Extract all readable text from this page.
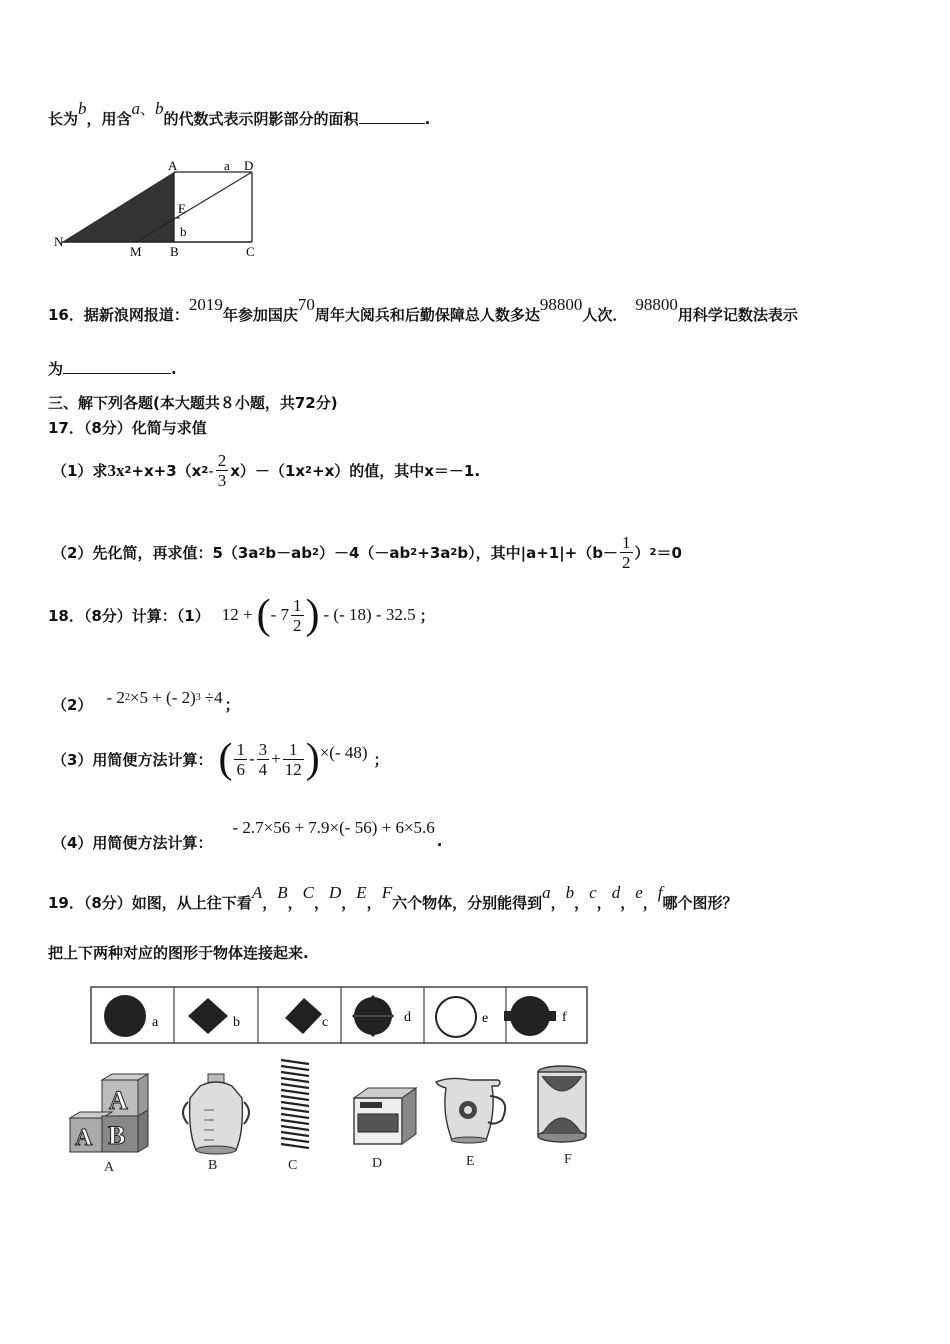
长为b，用含a、b的代数式表示阴影部分的面积	.
A	a D
E
b
N
M B	C
16．据新浪网报道：2019年参加国庆70周年大阅兵和后勤保障总人数多达98800人次．98800用科学记数法表示
为	.
三、解下列各题(本大题共８小题，共72分)
17．（8分）化简与求值
（1）求 3x 2 +x+3（x $2 - \frac{2}{3} x)-(1x$ 2 +x）的值，其中 x＝－1.
（2）先化简，再求值：5（3a 2 b－ab 2 ）－4（－ab 2 +3a 2 b），其中$|a+1|+(b- \frac{1}{2}$ ） 2 ＝0
18．（8分）计算：（1） 12 + ( - $7 \frac{1}{2}$ ) - (- 18) - 32.5 ；
（2） - 2 2 ×5 + (- 2) 3 ÷4 ；
（3）用简便方法计算： ( $\frac{1}{6} - \frac{3}{4} + \frac{1}{12}$ ) ×(- 48) ；
（4）用简便方法计算：
- 2.7×56 + 7.9×(- 56) + 6×5.6
.
19．（8分）如图，从上往下看A，B，C，D，E，F六个物体，分别能得到a，b，c，d，e，f哪个图形？
把上下两种对应的图形于物体连接起来.
a	b	c	d	e	f
A
A B
A	B	C	D	E	F
